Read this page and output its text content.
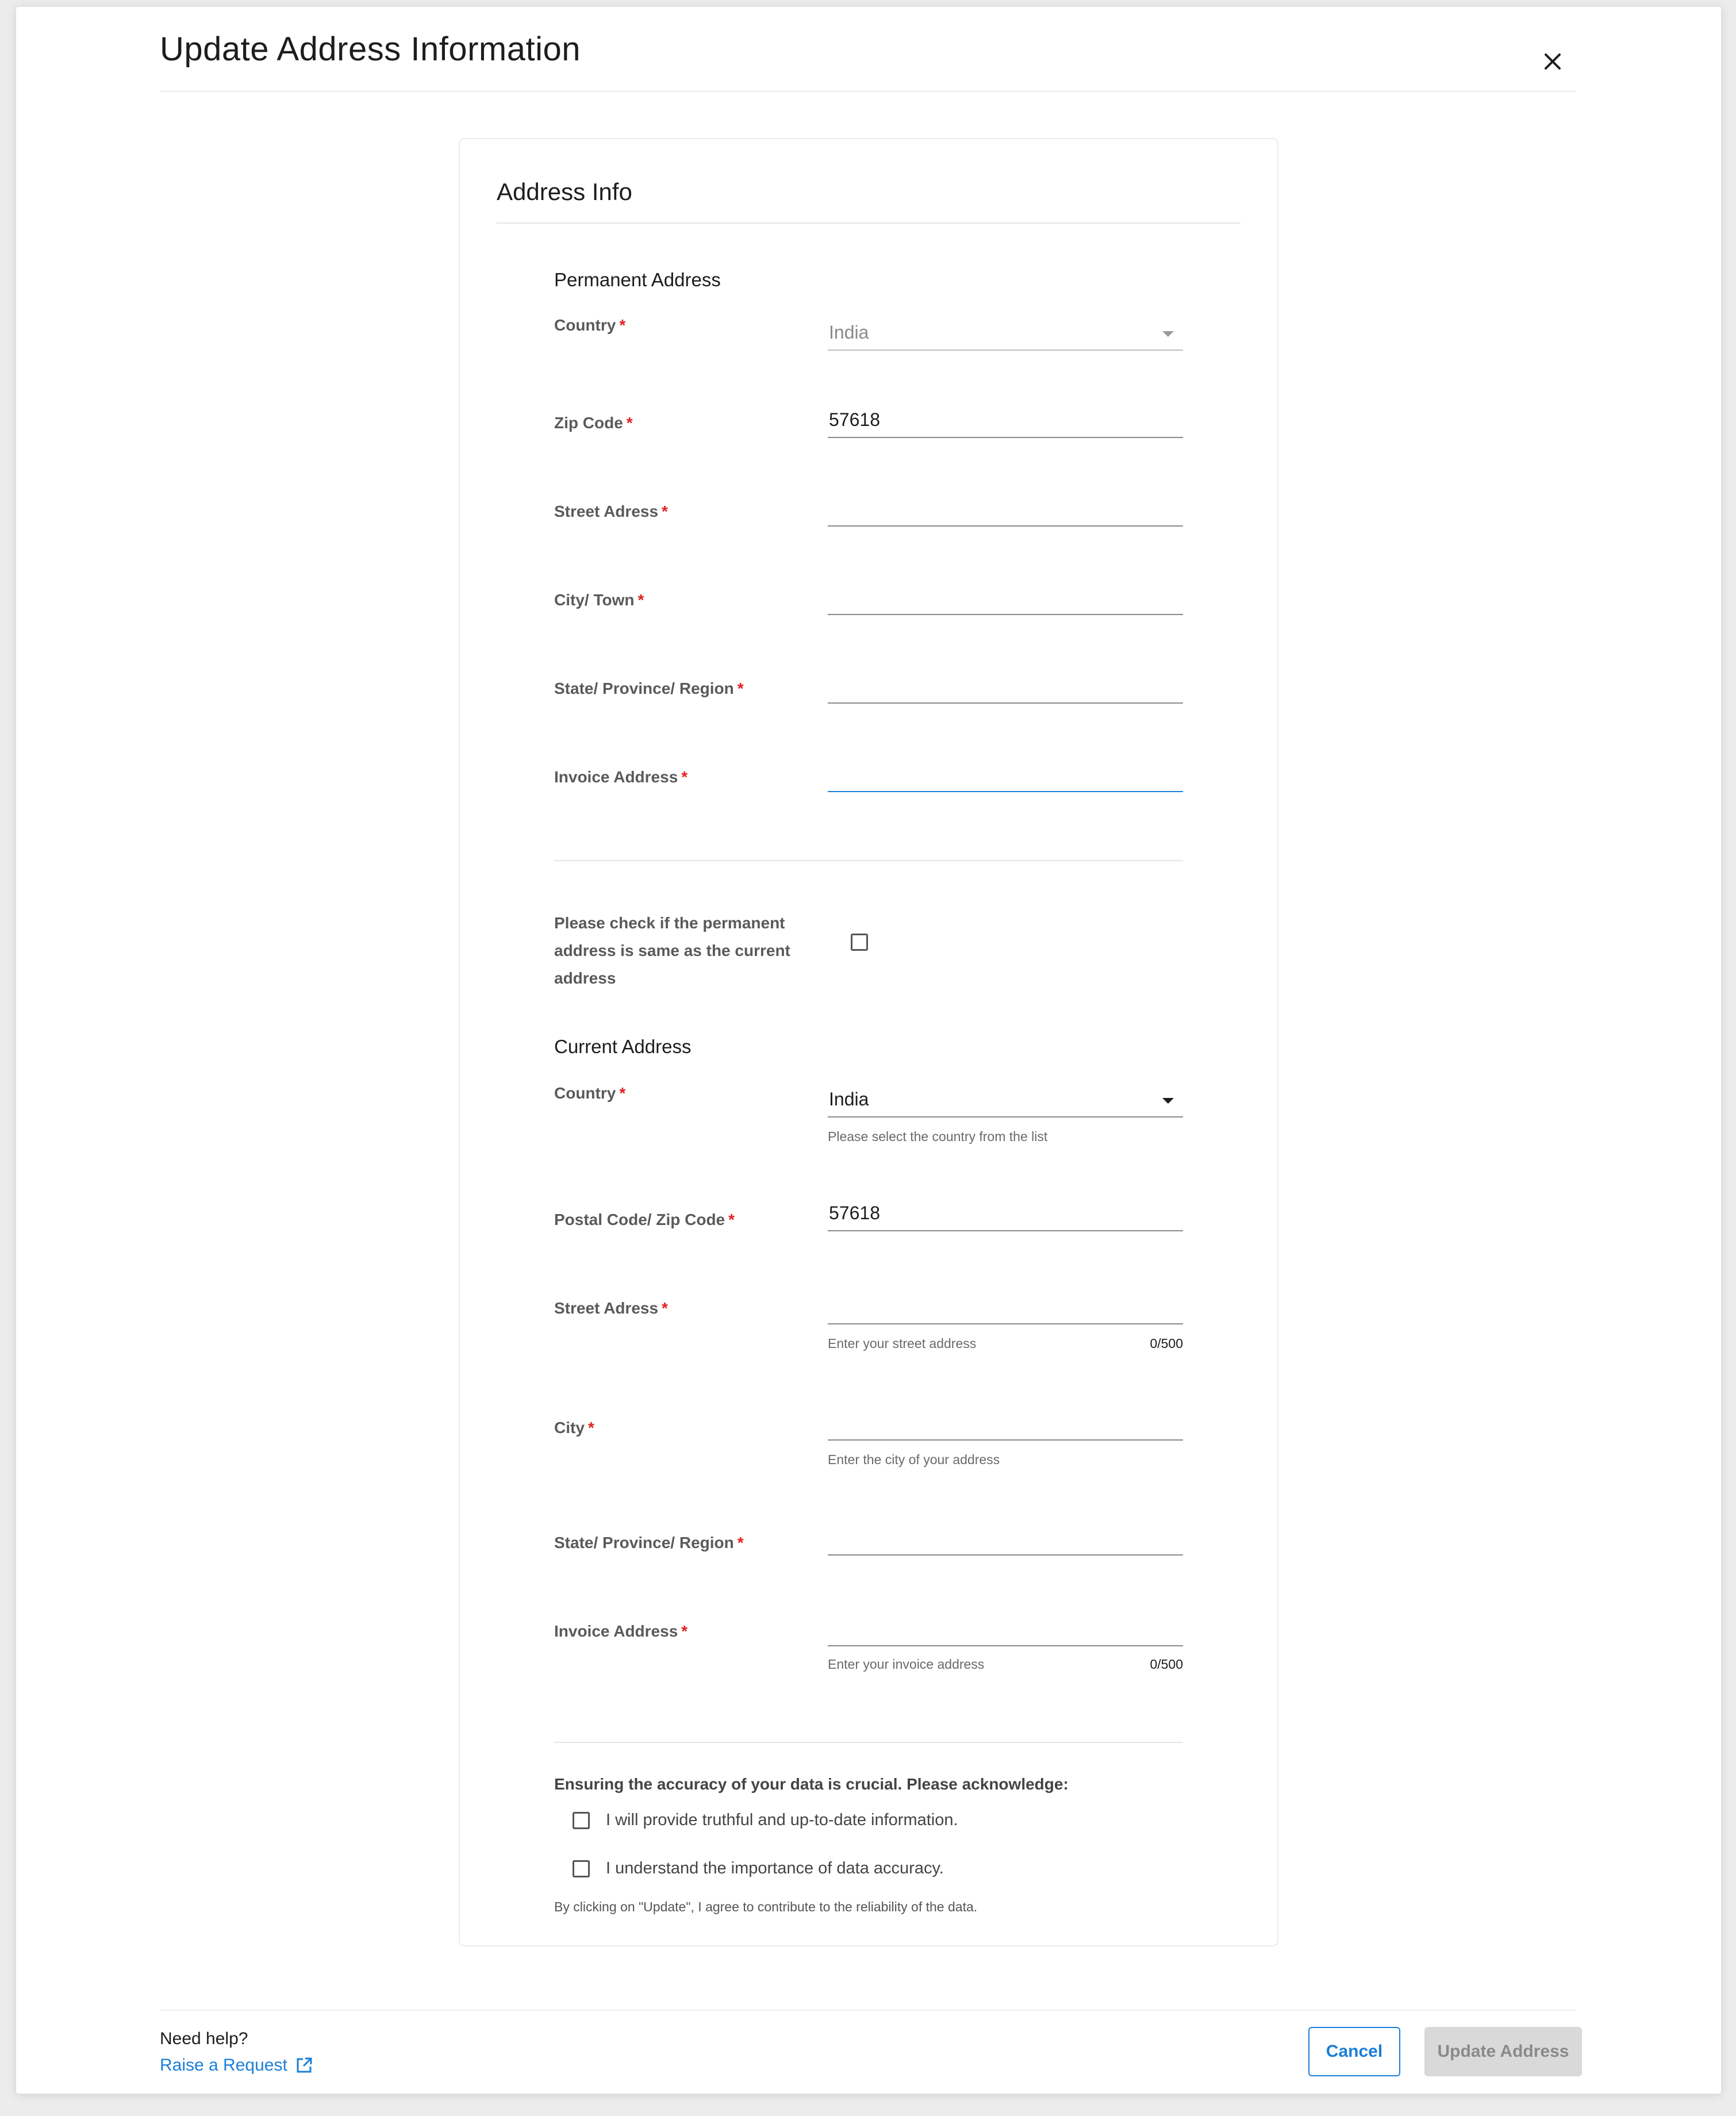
Update Address Information
Address Info
Permanent Address
Country *	India
Zip Code *	57618
Street Adress *
City/ Town *
State/ Province/ Region *
Invoice Address *
Please check if the permanent address is same as the current address
Current Address
Country *	India
Please select the country from the list
Postal Code/ Zip Code *	57618
Street Adress *
Enter your street address	0/500
City *
Enter the city of your address
State/ Province/ Region *
Invoice Address *
Enter your invoice address	0/500
Ensuring the accuracy of your data is crucial. Please acknowledge:
I will provide truthful and up-to-date information.
I understand the importance of data accuracy.
By clicking on "Update", I agree to contribute to the reliability of the data.
Need help?
Raise a Request
Cancel	Update Address
